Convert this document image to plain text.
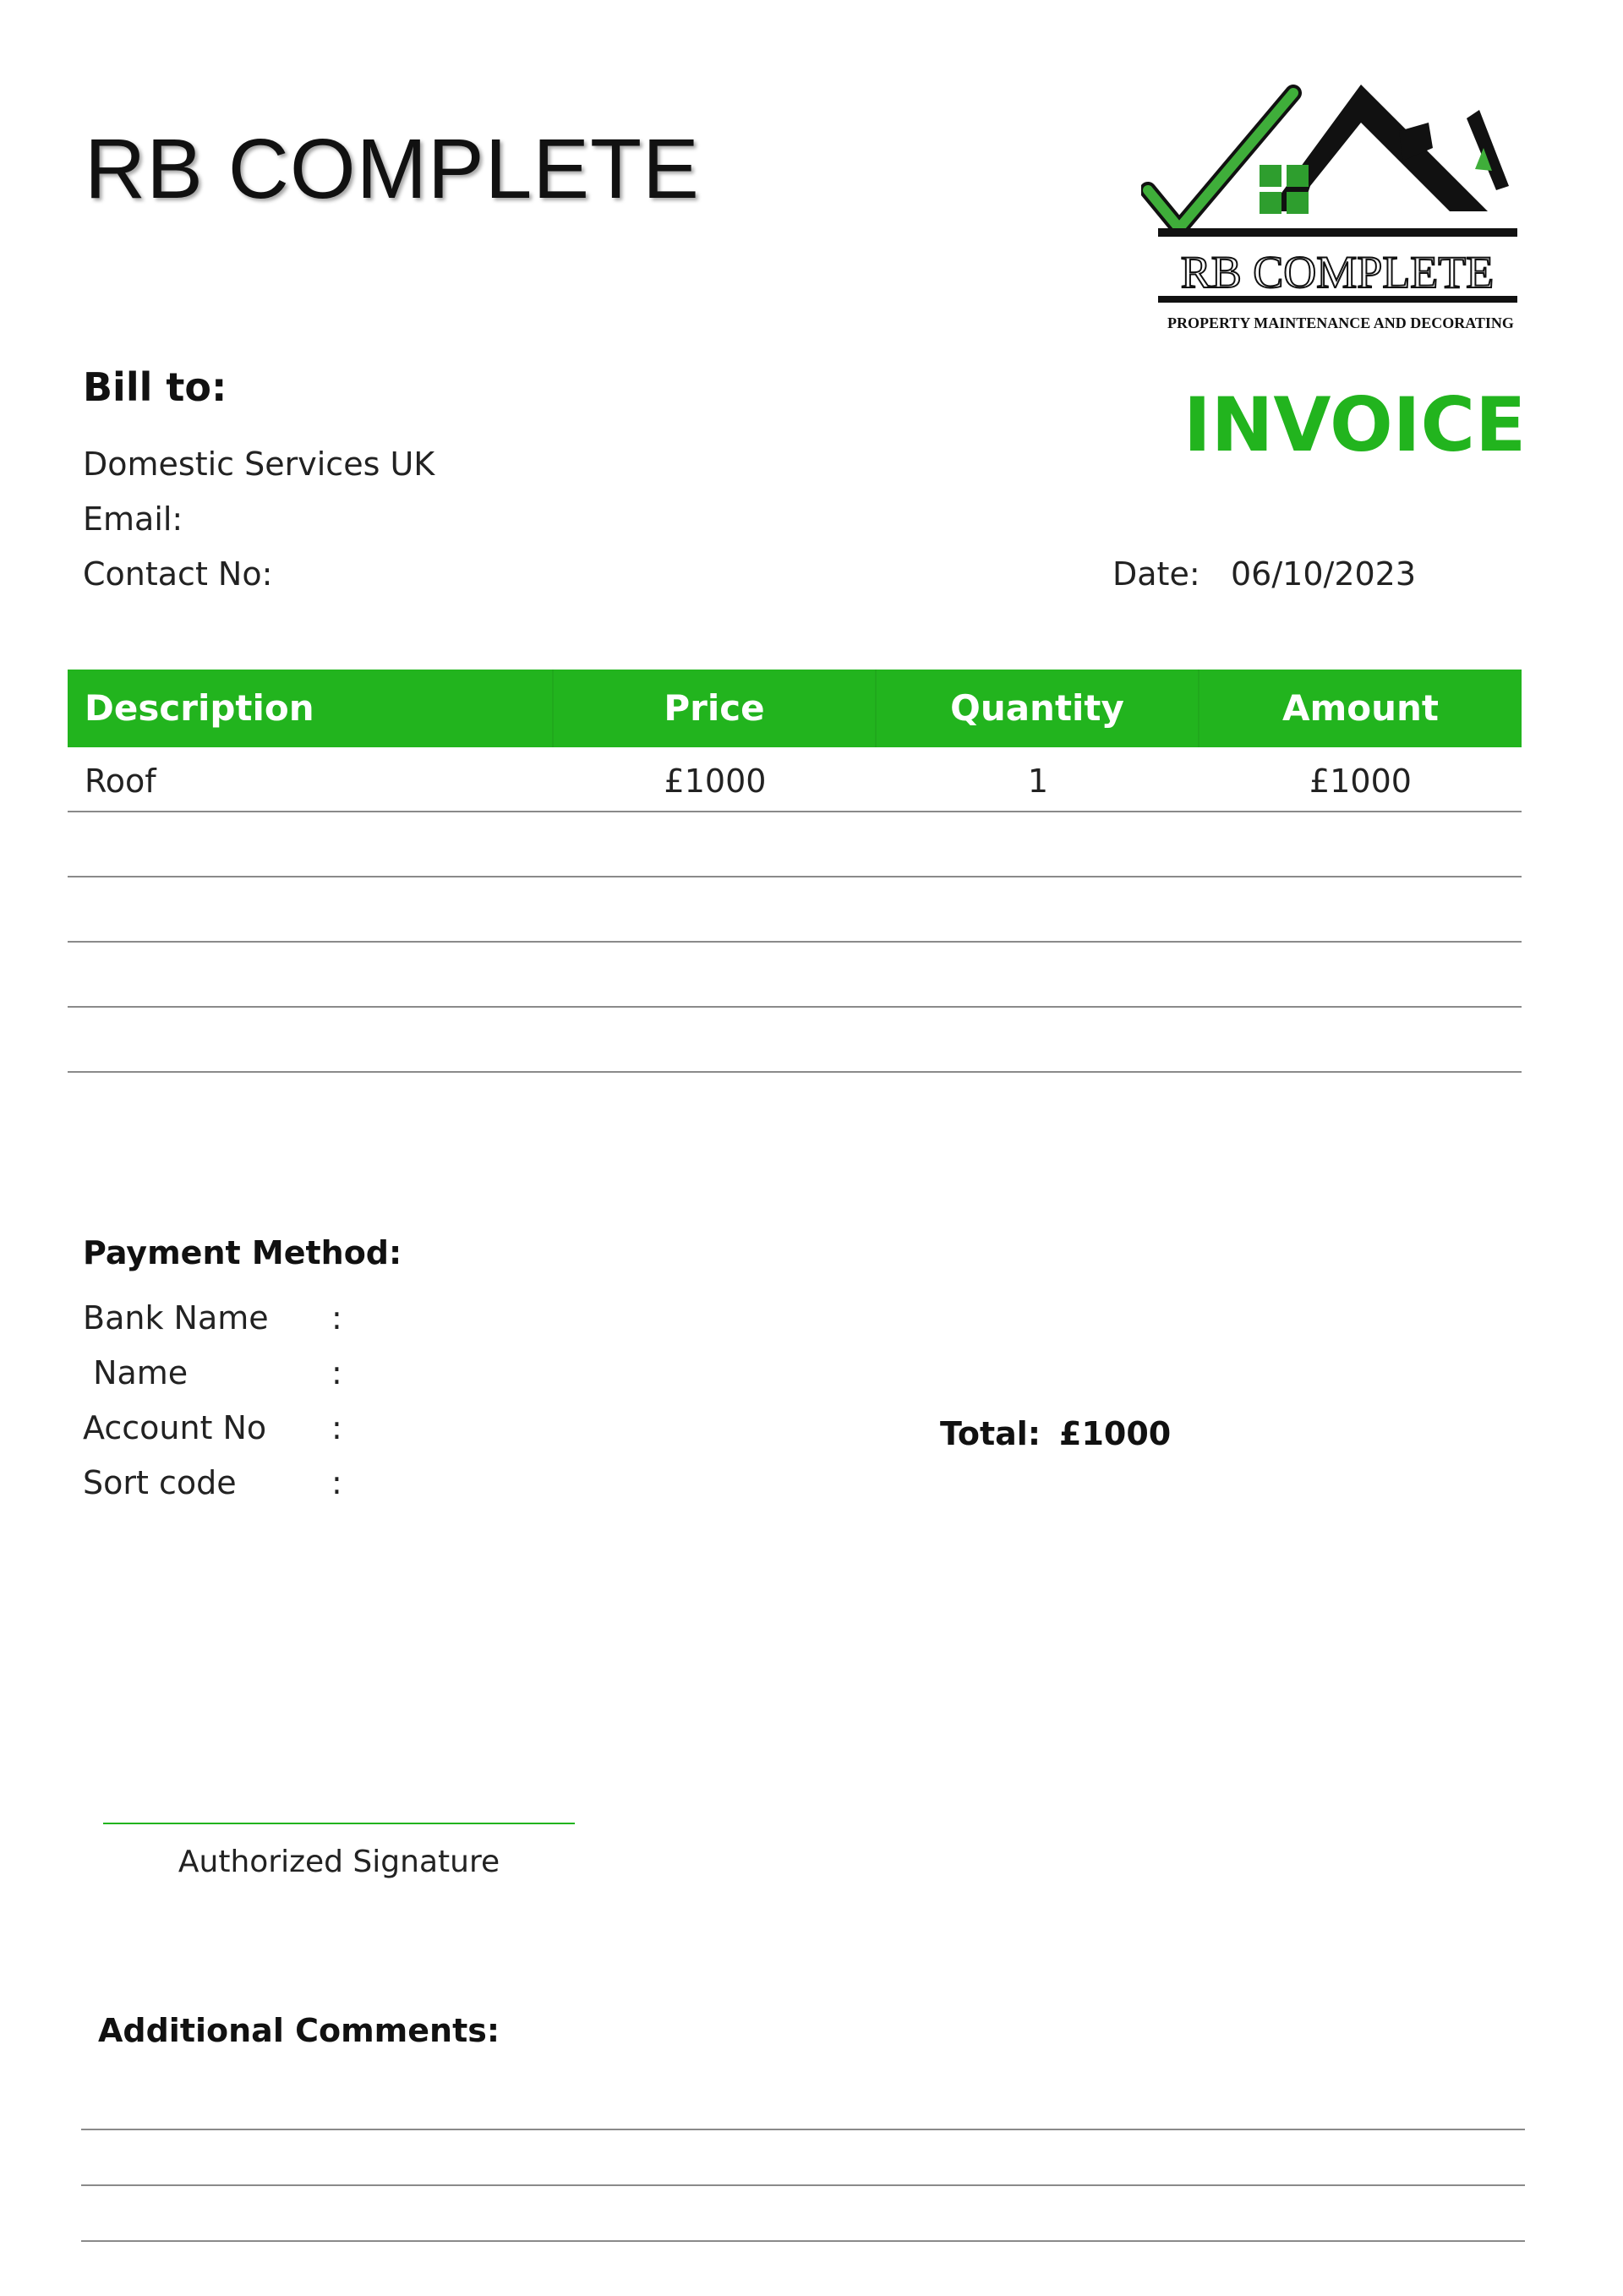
RB COMPLETE
RB COMPLETE
PROPERTY MAINTENANCE AND DECORATING
Bill to:
Domestic Services UK
Email:
Contact No:
INVOICE
Date: 06/10/2023
Description	Price	Quantity	Amount
Roof	£1000	1	£1000
Payment Method:
Bank Name :
Name	:
Account No :
Sort code	:
Total: £1000
Authorized Signature
Additional Comments:
